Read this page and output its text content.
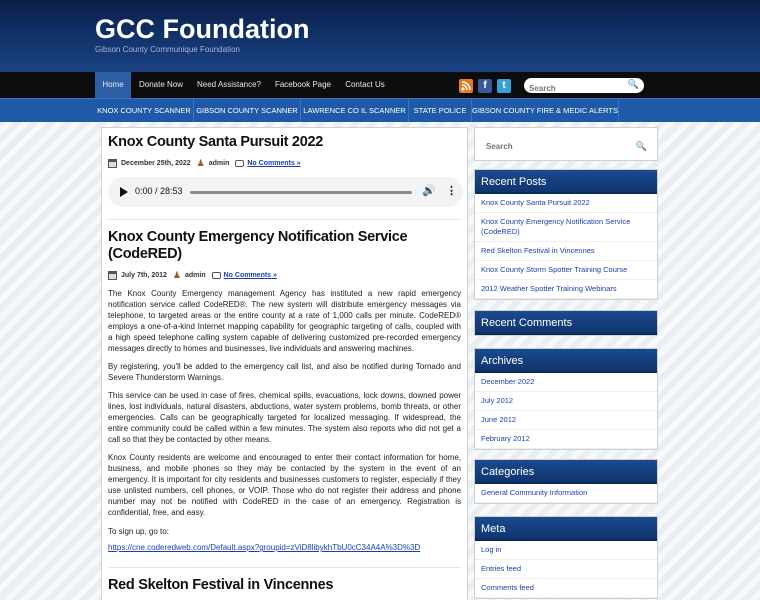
GCC Foundation
Gibson County Communique Foundation
Home	Donate Now	Need Assistance?	Facebook Page	Contact Us	f	t
Search	🔍
KNOX COUNTY SCANNER GIBSON COUNTY SCANNER LAWRENCE CO IL SCANNER	STATE POLICE GIBSON COUNTY FIRE & MEDIC ALERTS
Knox County Santa Pursuit 2022
December 25th, 2022 ♟ admin	No Comments »
0:00 / 28:53	🔊 ⋮
Knox County Emergency Notification Service (CodeRED)
July 7th, 2012 ♟ admin	No Comments »

The Knox County Emergency management Agency has instituted a new rapid emergency notification service called CodeRED®. The new system will distribute emergency messages via telephone, to targeted areas or the entire county at a rate of 1,000 calls per minute. CodeRED® employs a one-of-a-kind Internet mapping capability for geographic targeting of calls, coupled with a high speed telephone calling system capable of delivering customized pre-recorded emergency messages directly to homes and businesses, live individuals and answering machines.

By registering, you'll be added to the emergency call list, and also be notified during Tornado and Severe Thunderstorm Warnings.

This service can be used in case of fires, chemical spills, evacuations, lock downs, downed power lines, lost individuals, natural disasters, abductions, water system problems, bomb threats, or other emergencies. Calls can be geographically targeted for localized messaging. If widespread, the entire community could be called within a few minutes. The system also reports who did not get a call so that they be contacted by other means.

Knox County residents are welcome and encouraged to enter their contact information for home, business, and mobile phones so they may be contacted by the system in the event of an emergency. It is important for city residents and businesses customers to register, especially if they use unlisted numbers, cell phones, or VOIP. Those who do not register their address and phone number may not be notified with CodeRED in the case of an emergency. Registration is confidential, free, and easy.

To sign up, go to:

https://cne.coderedweb.com/Default.aspx?groupid=zViD8libykhTbU0cC34A4A%3D%3D
Red Skelton Festival in Vincennes
Search
🔍
Recent Posts
Knox County Santa Pursuit 2022
Knox County Emergency Notification Service (CodeRED)
Red Skelton Festival in Vincennes
Knox County Storm Spotter Training Course
2012 Weather Spotter Training Webinars
Recent Comments
Archives
December 2022
July 2012
June 2012
February 2012
Categories
General Community Information
Meta
Log in
Entries feed
Comments feed
